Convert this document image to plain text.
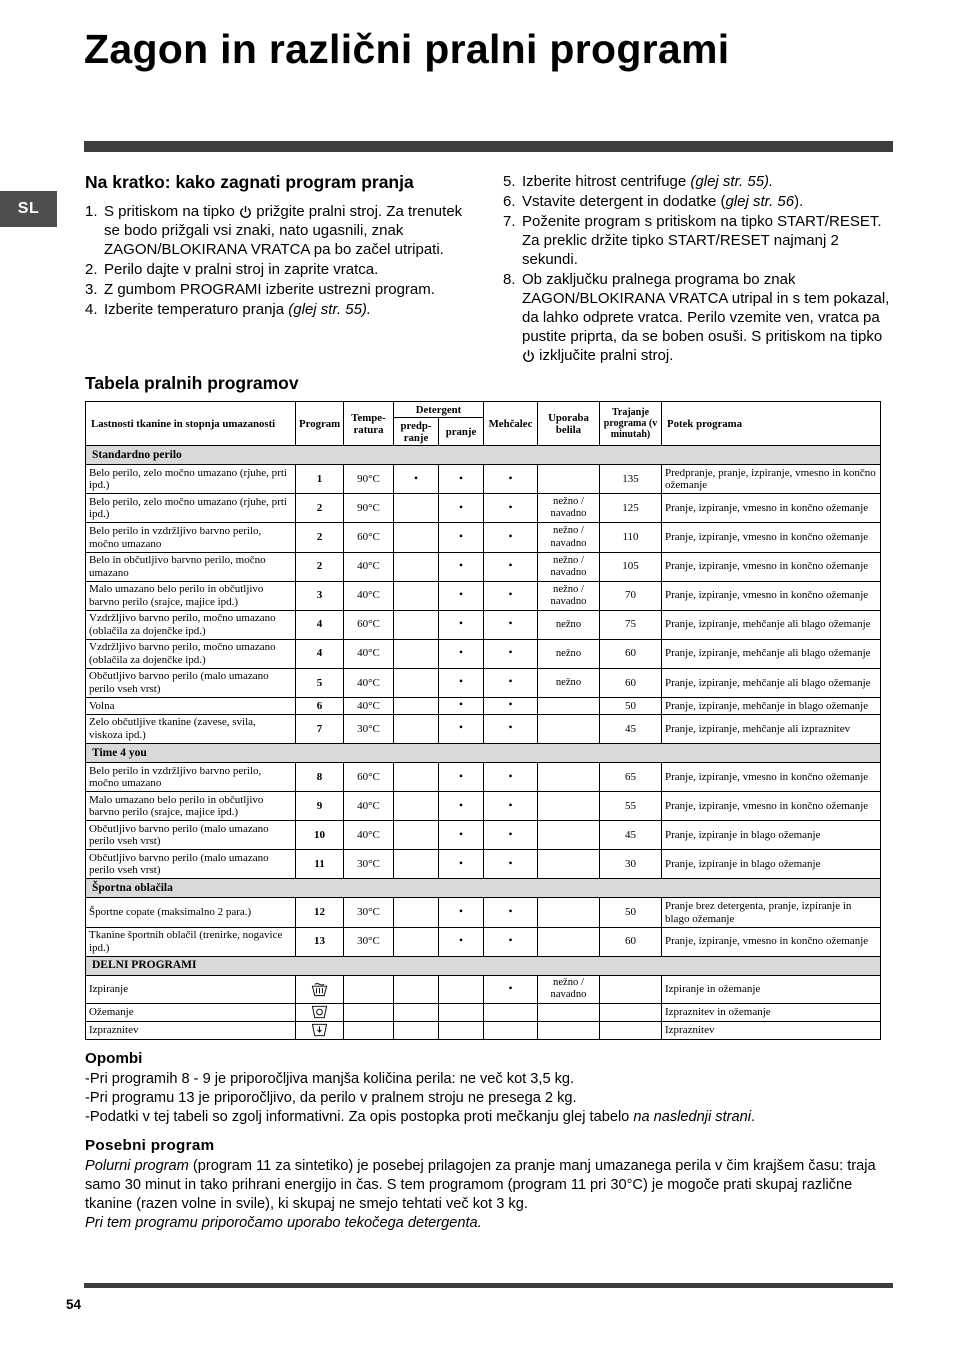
Zagon in različni pralni programi
SL
Na kratko: kako zagnati program pranja
1. S pritiskom na tipko prižgite pralni stroj. Za trenutek se bodo prižgali vsi znaki, nato ugasnili, znak ZAGON/BLOKIRANA VRATCA pa bo začel utripati.
2. Perilo dajte v pralni stroj in zaprite vratca.
3. Z gumbom PROGRAMI izberite ustrezni program.
4. Izberite temperaturo pranja (glej str. 55).
5. Izberite hitrost centrifuge (glej str. 55).
6. Vstavite detergent in dodatke (glej str. 56).
7. Poženite program s pritiskom na tipko START/RESET.
Za preklic držite tipko START/RESET najmanj 2 sekundi.
8. Ob zaključku pralnega programa bo znak ZAGON/BLOKIRANA VRATCA utripal in s tem pokazal, da lahko odprete vratca. Perilo vzemite ven, vratca pa pustite priprta, da se boben osuši. S pritiskom na tipko  izključite pralni stroj.
Tabela pralnih programov
Lastnosti tkanine in stopnja umazanosti	Program	Tempe-ratura	Detergent		Mehčalec	Uporaba belila	Trajanje programa (v minutah)	Potek programa
			predp-ranje	pranje				
Standardno perilo								
Belo perilo, zelo močno umazano (rjuhe, prti ipd.)	1	90°C	•	•	•		135	Predpranje, pranje, izpiranje, vmesno in končno ožemanje
Belo perilo, zelo močno umazano (rjuhe, prti ipd.)	2	90°C		•	•	nežno / navadno	125	Pranje, izpiranje, vmesno in končno ožemanje
Belo perilo in vzdržljivo barvno perilo, močno umazano	2	60°C		•	•	nežno / navadno	110	Pranje, izpiranje, vmesno in končno ožemanje
Belo in občutljivo barvno perilo, močno umazano	2	40°C		•	•	nežno / navadno	105	Pranje, izpiranje, vmesno in končno ožemanje
Malo umazano belo perilo in občutljivo barvno perilo (srajce, majice ipd.)	3	40°C		•	•	nežno / navadno	70	Pranje, izpiranje, vmesno in končno ožemanje
Vzdržljivo barvno perilo, močno umazano (oblačila za dojenčke ipd.)	4	60°C		•	•	nežno	75	Pranje, izpiranje, mehčanje ali blago ožemanje
Vzdržljivo barvno perilo, močno umazano (oblačila za dojenčke ipd.)	4	40°C		•	•	nežno	60	Pranje, izpiranje, mehčanje ali blago ožemanje
Občutljivo barvno perilo (malo umazano perilo vseh vrst)	5	40°C		•	•	nežno	60	Pranje, izpiranje, mehčanje ali blago ožemanje
Volna	6	40°C		•	•		50	Pranje, izpiranje, mehčanje in blago ožemanje
Zelo občutljive tkanine (zavese, svila, viskoza ipd.)	7	30°C		•	•		45	Pranje, izpiranje, mehčanje ali izpraznitev
Time 4 you								
Belo perilo in vzdržljivo barvno perilo, močno umazano	8	60°C		•	•		65	Pranje, izpiranje, vmesno in končno ožemanje
Malo umazano belo perilo in občutljivo barvno perilo (srajce, majice ipd.)	9	40°C		•	•		55	Pranje, izpiranje, vmesno in končno ožemanje
Občutljivo barvno perilo (malo umazano perilo vseh vrst)	10	40°C		•	•		45	Pranje, izpiranje in blago ožemanje
Občutljivo barvno perilo (malo umazano perilo vseh vrst)	11	30°C		•	•		30	Pranje, izpiranje in blago ožemanje
Športna oblačila								
Športne copate (maksimalno 2 para.)	12	30°C		•	•		50	Pranje brez detergenta, pranje, izpiranje in blago ožemanje
Tkanine športnih oblačil (trenirke, nogavice ipd.)	13	30°C		•	•		60	Pranje, izpiranje, vmesno in končno ožemanje
DELNI PROGRAMI								
Izpiranje					•	nežno / navadno		Izpiranje in ožemanje
Ožemanje								Izpraznitev in ožemanje
Izpraznitev								Izpraznitev
Opombi
-Pri programih 8 - 9 je priporočljiva manjša količina perila: ne več kot 3,5 kg.
-Pri programu 13 je priporočljivo, da perilo v pralnem stroju ne presega 2 kg.
-Podatki v tej tabeli so zgolj informativni. Za opis postopka proti mečkanju glej tabelo na naslednji strani.
Posebni program

Polurni program (program 11 za sintetiko) je posebej prilagojen za pranje manj umazanega perila v čim krajšem času: traja samo 30 minut in tako prihrani energijo in čas. S tem programom (program 11 pri 30°C) je mogoče prati skupaj različne tkanine (razen volne in svile), ki skupaj ne smejo tehtati več kot 3 kg.

Pri tem programu priporočamo uporabo tekočega detergenta.

54
